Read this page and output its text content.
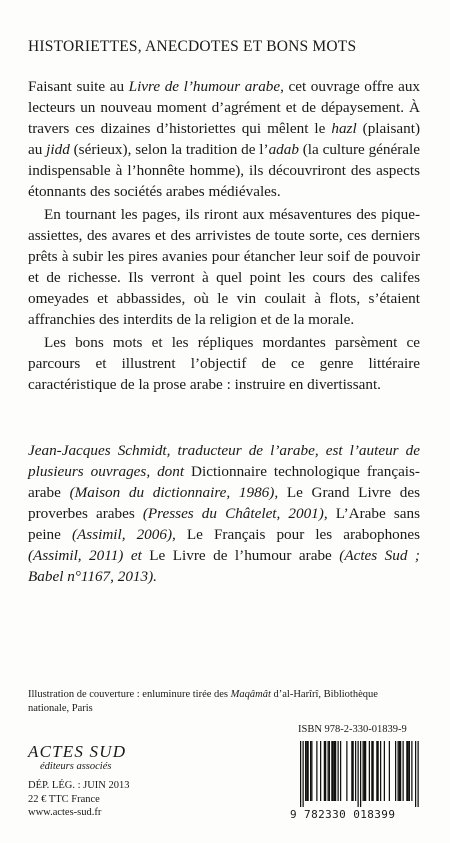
HISTORIETTES, ANECDOTES ET BONS MOTS

Faisant suite au Livre de l’humour arabe, cet ouvrage offre aux lecteurs un nouveau moment d’agrément et de dépaysement. À travers ces dizaines d’historiettes qui mêlent le hazl (plaisant) au jidd (sérieux), selon la tradition de l’adab (la culture générale indispensable à l’honnête homme), ils découvriront des aspects étonnants des sociétés arabes médiévales.

En tournant les pages, ils riront aux mésaventures des pique-assiettes, des avares et des arrivistes de toute sorte, ces derniers prêts à subir les pires avanies pour étancher leur soif de pouvoir et de richesse. Ils verront à quel point les cours des califes omeyades et abbassides, où le vin coulait à flots, s’étaient affranchies des interdits de la religion et de la morale.

Les bons mots et les répliques mordantes parsèment ce parcours et illustrent l’objectif de ce genre littéraire caractéristique de la prose arabe : instruire en divertissant.

Jean-Jacques Schmidt, traducteur de l’arabe, est l’auteur de plusieurs ouvrages, dont Dictionnaire technologique français-arabe (Maison du dictionnaire, 1986), Le Grand Livre des proverbes arabes (Presses du Châtelet, 2001), L’Arabe sans peine (Assimil, 2006), Le Français pour les arabophones (Assimil, 2011) et Le Livre de l’humour arabe (Actes Sud ; Babel n°1167, 2013).
Illustration de couverture : enluminure tirée des Maqâmât d’al-Harîrî, Bibliothèque nationale, Paris
ISBN 978-2-330-01839-9
ACTES SUD
éditeurs associés
DÉP. LÉG. : JUIN 2013
22 € TTC France
www.actes-sud.fr	9 782330 018399
